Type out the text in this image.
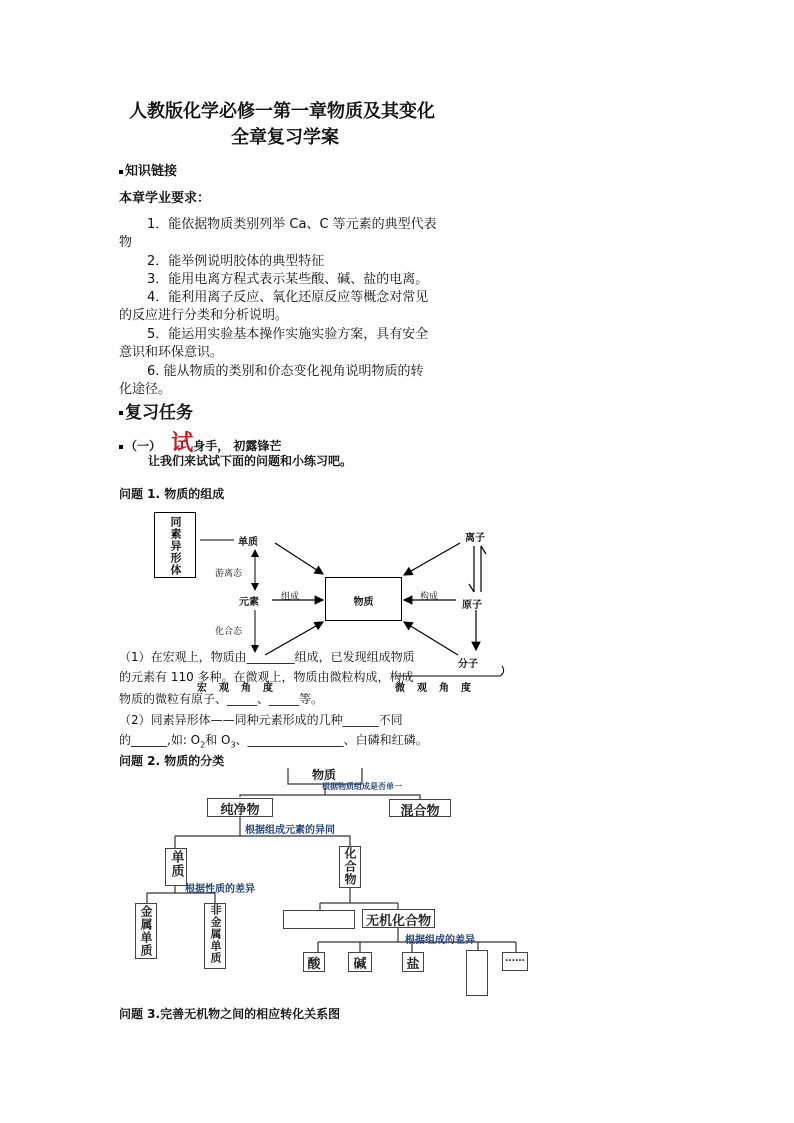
人教版化学必修一第一章物质及其变化
全章复习学案
知识链接
本章学业要求：
1．能依据物质类别列举 Ca、C 等元素的典型代表
物
2．能举例说明胶体的典型特征
3．能用电离方程式表示某些酸、碱、盐的电离。
4．能利用离子反应、氧化还原反应等概念对常见
的反应进行分类和分析说明。
5．能运用实验基本操作实施实验方案，具有安全
意识和环保意识。
6. 能从物质的类别和价态变化视角说明物质的转
化途径。
复习任务
（一） 试身手， 初露锋芒
让我们来试试下面的问题和小练习吧。
问题 1. 物质的组成
同素异形体	单质
游离态
元素 组成
化合态
物质	构成
离子
原子
分子
宏观角度	微观角度
（1）在宏观上，物质由________组成，已发现组成物质
的元素有 110 多种。在微观上，物质由微粒构成，构成
物质的微粒有原子、_____、_____等。
（2）同素异形体——同种元素形成的几种______不同
的______,如: $O_2$和 $O_3$、________________、白磷和红磷。
问题 2. 物质的分类
物质
根据物质组成是否单一
纯净物	混合物
根据组成元素的异同
单质	化合物
根据性质的差异
金属单质	非金属单质	无机化合物
根据组成的差异
酸	碱	盐	……
问题 3.完善无机物之间的相应转化关系图
